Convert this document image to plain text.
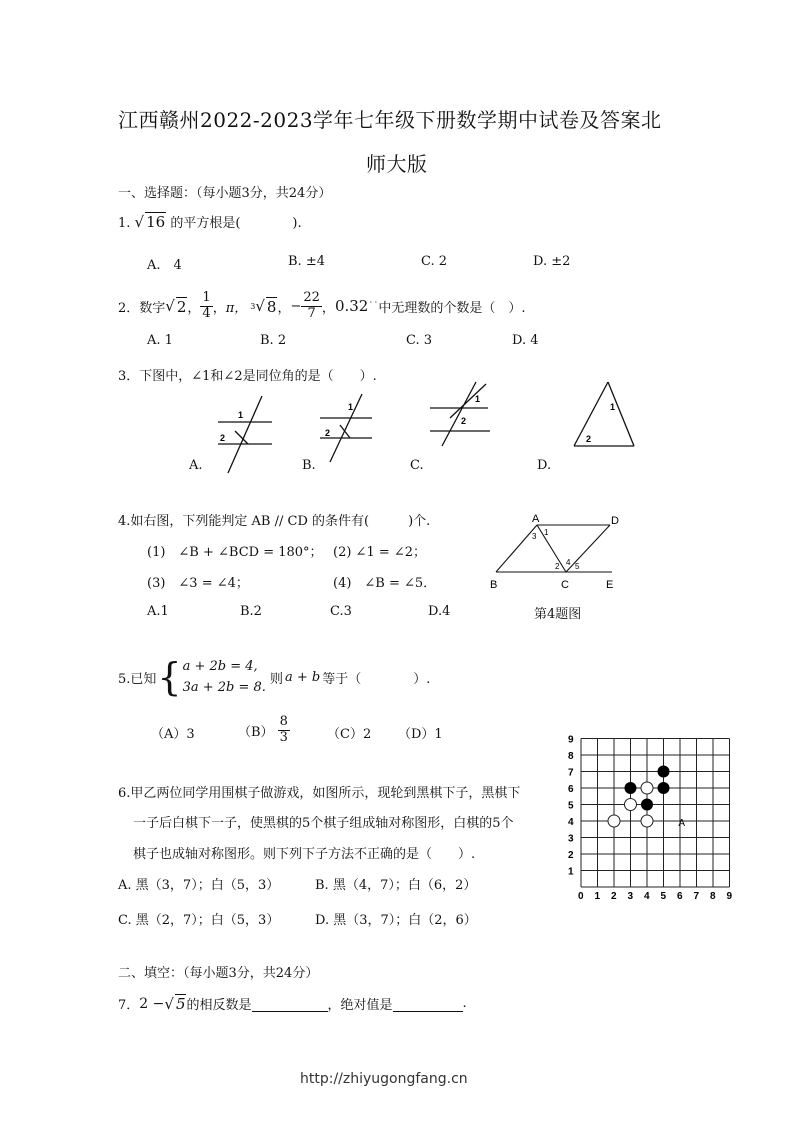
江西赣州2022-2023学年七年级下册数学期中试卷及答案北
师大版
一、选择题：（每小题3分，共24分）
1. √ 16 的平方根是(　　　　).
A.　4	B. ±4	C. 2	D. ±2
2．数字 √ 2 ， $\frac{1}{4}$ ， π， 3 √ 8 ， − $\frac{22}{7}$ ， 0.32 ˙˙ 中无理数的个数是（　）.
A. 1	B. 2	C. 3	D. 4
3．下图中，∠1和∠2是同位角的是（　　）.
1
2
1
2
1
2
1
2
A.	B.	C.	D.
4.如右图，下列能判定 AB // CD 的条件有(　　　)个.
(1)　∠B + ∠BCD = 180°； (2) ∠1 = ∠2；
(3)　∠3 = ∠4；	(4)　∠B = ∠5．
A.1	B.2	C.3	D.4
A	D
B	C	E
1
3
2 4 5
第4题图
5.已知 { a + 2b = 4,
3a + 2b = 8.
则 a + b 等于（　　　　）.
（A）3	$(B) \frac{8}{3}$	（C）2 （D）1
6.甲乙两位同学用围棋子做游戏，如图所示，现轮到黑棋下子，黑棋下
一子后白棋下一子，使黑棋的5个棋子组成轴对称图形，白棋的5个
棋子也成轴对称图形。则下列下子方法不正确的是（　　）.
A. 黑（3，7）；白（5，3）	B. 黑（4，7）；白（6，2）
C. 黑（2，7）；白（5，3）	D. 黑（3，7）；白（2，6）
0 1 2 3 4 5 6 7 8 9
1
2
3
4
5
6
7
8
9
A
二、填空：（每小题3分，共24分）
7． 2 − √ 5 的相反数是	，绝对值是	.
http://zhiyugongfang.cn
